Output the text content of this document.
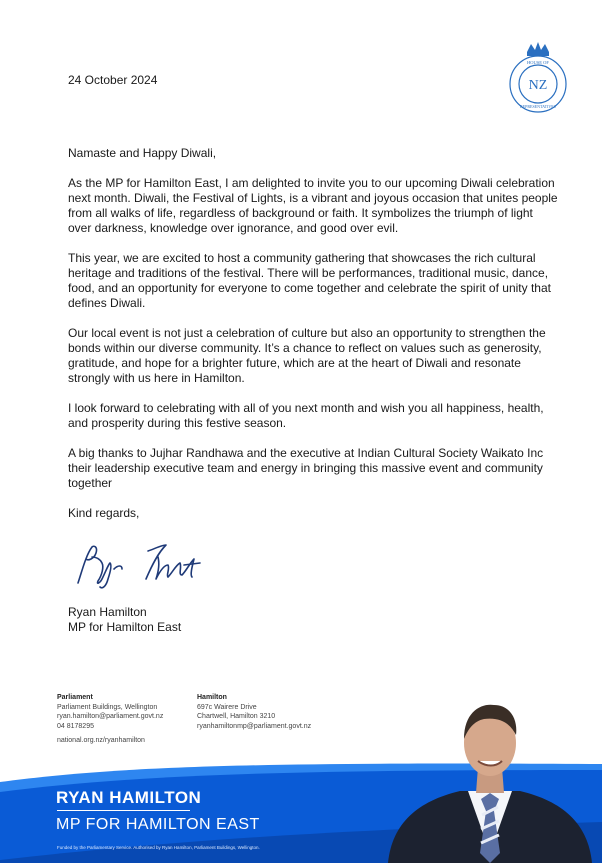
24 October 2024	NZ
HOUSE OF
REPRESENTATIVES

Namaste and Happy Diwali,

As the MP for Hamilton East, I am delighted to invite you to our upcoming Diwali celebration next month. Diwali, the Festival of Lights, is a vibrant and joyous occasion that unites people from all walks of life, regardless of background or faith. It symbolizes the triumph of light over darkness, knowledge over ignorance, and good over evil.

This year, we are excited to host a community gathering that showcases the rich cultural heritage and traditions of the festival. There will be performances, traditional music, dance, food, and an opportunity for everyone to come together and celebrate the spirit of unity that defines Diwali.

Our local event is not just a celebration of culture but also an opportunity to strengthen the bonds within our diverse community. It’s a chance to reflect on values such as generosity, gratitude, and hope for a brighter future, which are at the heart of Diwali and resonate strongly with us here in Hamilton.

I look forward to celebrating with all of you next month and wish you all happiness, health, and prosperity during this festive season.

A big thanks to Jujhar Randhawa and the executive at Indian Cultural Society Waikato Inc their leadership executive team and energy in bringing this massive event and community together

Kind regards,

Ryan Hamilton
MP for Hamilton East
Parliament
Parliament Buildings, Wellington
ryan.hamilton@parliament.govt.nz
04 8178295
national.org.nz/ryanhamilton
Hamilton
697c Wairere Drive
Chartwell, Hamilton 3210
ryanhamiltonmp@parliament.govt.nz
RYAN HAMILTON
MP FOR HAMILTON EAST
Funded by the Parliamentary Service. Authorised by Ryan Hamilton, Parliament Buildings, Wellington.
